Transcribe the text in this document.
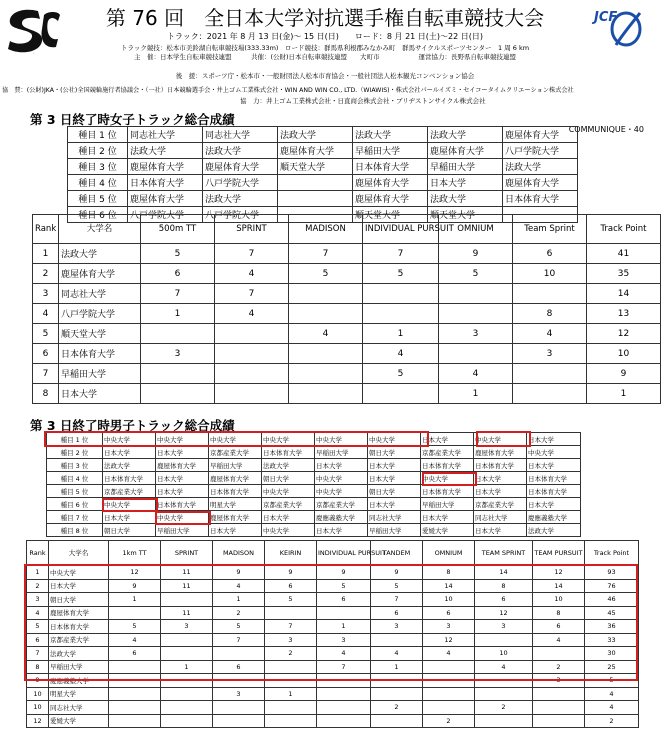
SC
第 76 回　全日本大学対抗選手権自転車競技大会	JCF
トラック：2021 年 8 月 13 日(金)～ 15 日(日)　　ロード：8 月 21 日(土)～22 日(日)
トラック競技：松本市美鈴湖自転車競技場(333.33m)　ロード競技：群馬県利根郡みなかみ町　群馬サイクルスポーツセンター　1 周 6 km
主　催：日本学生自転車競技連盟　　　共催：(公財)日本自転車競技連盟　　大町市　　　　　　運営協力：長野県自転車競技連盟
後　援：スポーツ庁・松本市・一般財団法人松本市育協会・一般社団法人松本観光コンベンション協会
協　賛：(公財)JKA・(公社)全国競輪施行者協議会・（一社）日本競輪選手会・井上ゴム工業株式会社・WIN AND WIN CO., LTD.（WIAWIS)・株式会社パールイズミ・セイコータイムクリエーション株式会社
協　力：井上ゴム工業株式会社・日直商会株式会社・ブリヂストンサイクル株式会社
COMMUNIQUE・40
第 3 日終了時女子トラック総合成績
種目 1 位	同志社大学	同志社大学	法政大学	法政大学	法政大学	鹿屋体育大学
種目 2 位	法政大学	法政大学	鹿屋体育大学	早稲田大学	鹿屋体育大学	八戸学院大学
種目 3 位	鹿屋体育大学	鹿屋体育大学	順天堂大学	日本体育大学	早稲田大学	法政大学
種目 4 位	日本体育大学	八戸学院大学		鹿屋体育大学	日本大学	鹿屋体育大学
種目 5 位	鹿屋体育大学	法政大学		鹿屋体育大学	法政大学	日本体育大学
種目 6 位	八戸学院大学	八戸学院大学		順天堂大学	順天堂大学	
Rank	大学名	500m TT	SPRINT	MADISON	INDIVIDUAL PURSUIT	OMNIUM	Team Sprint	Track Point
1	法政大学	5	7	7	7	9	6	41
2	鹿屋体育大学	6	4	5	5	5	10	35
3	同志社大学	7	7					14
4	八戸学院大学	1	4				8	13
5	順天堂大学			4	1	3	4	12
6	日本体育大学	3			4		3	10
7	早稲田大学				5	4		9
8	日本大学					1		1
第 3 日終了時男子トラック総合成績
種目 1 位	中央大学	中央大学	中央大学	中央大学	中央大学	中央大学	日本大学	中央大学	日本大学
種目 2 位	日本大学	日本大学	京都産業大学	日本体育大学	早稲田大学	朝日大学	京都産業大学	鹿屋体育大学	中央大学
種目 3 位	法政大学	鹿屋体育大学	早稲田大学	法政大学	日本大学	日本大学	日本体育大学	日本体育大学	日本大学
種目 4 位	日本体育大学	日本大学	鹿屋体育大学	朝日大学	中央大学	日本大学	中央大学	日本大学	日本体育大学
種目 5 位	京都産業大学	日本大学	日本体育大学	中央大学	中央大学	朝日大学	日本体育大学	日本大学	日本体育大学
種目 6 位	中央大学	日本体育大学	明星大学	京都産業大学	京都産業大学	日本大学	早稲田大学	京都産業大学	日本大学
種目 7 位	日本大学	中央大学	鹿屋体育大学	日本大学	慶應義塾大学	同志社大学	日本大学	同志社大学	慶應義塾大学
種目 8 位	朝日大学	早稲田大学	日本大学	中央大学	日本大学	早稲田大学	愛媛大学	日本大学	法政大学
Rank	大学名	1km TT	SPRINT	MADISON	KEIRIN	INDIVIDUAL PURSUIT	TANDEM	OMNIUM	TEAM SPRINT	TEAM PURSUIT	Track Point
1	中央大学	12	11	9	9	9	9	8	14	12	93
2	日本大学	9	11	4	6	5	5	14	8	14	76
3	朝日大学	1		1	5	6	7	10	6	10	46
4	鹿屋体育大学		11	2			6	6	12	8	45
5	日本体育大学	5	3	5	7	1	3	3	3	6	36
6	京都産業大学	4		7	3	3		12		4	33
7	法政大学	6			2	4	4	4	10		30
8	早稲田大学		1	6		7	1		4	2	25
9	慶應義塾大学									3	5
10	明星大学			3	1						4
10	同志社大学						2		2		4
12	愛媛大学							2			2
